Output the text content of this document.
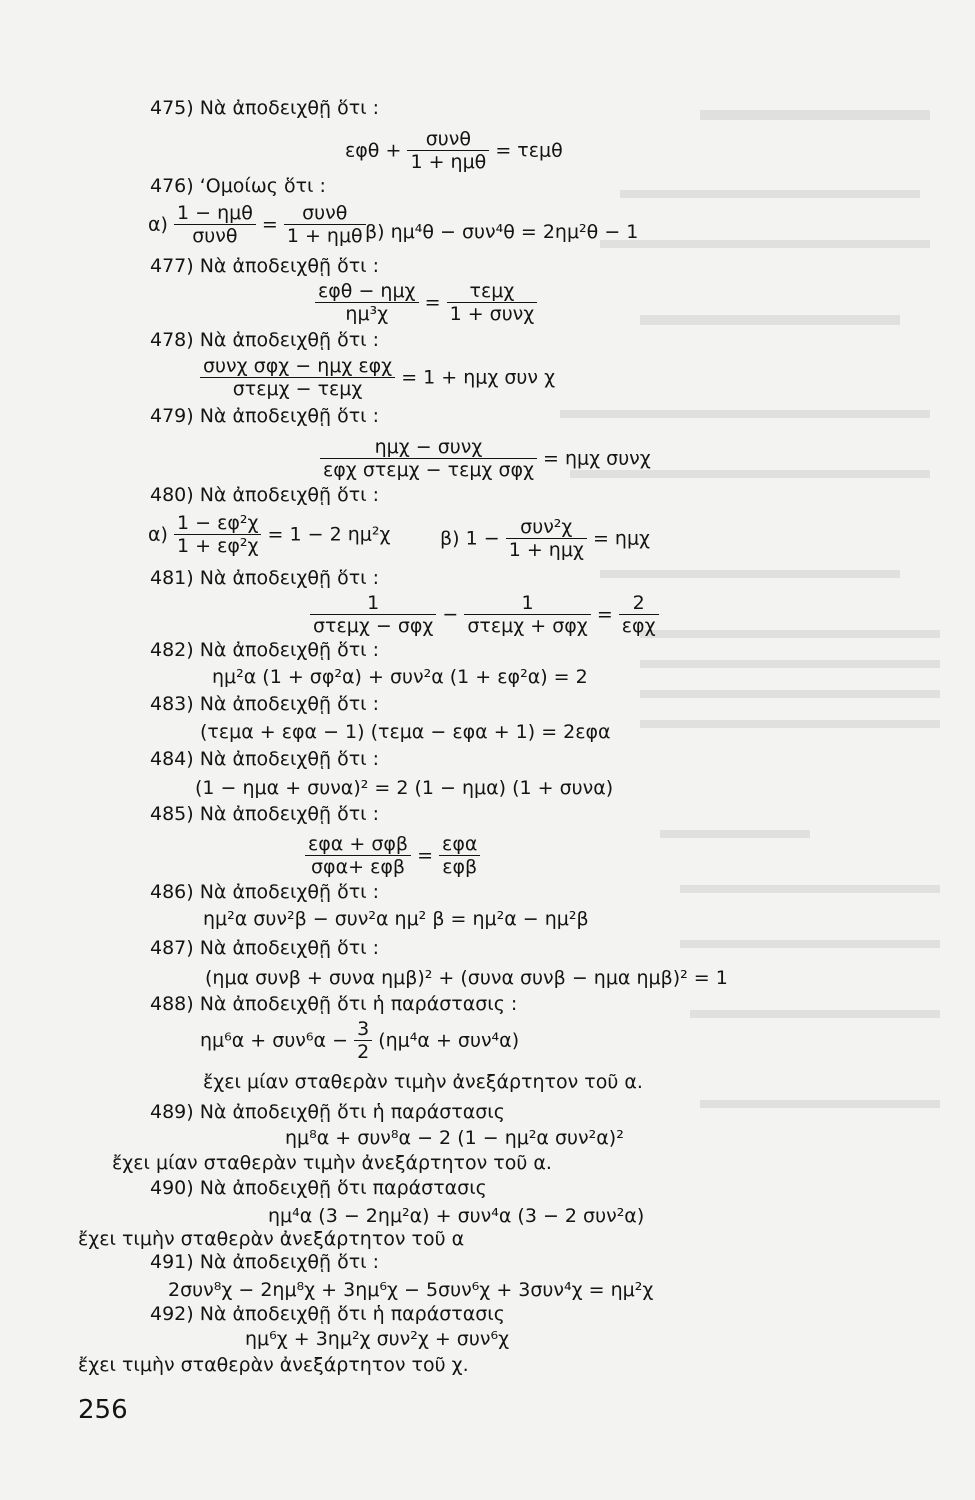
475) Νὰ ἀποδειχθῇ ὅτι :
$\varepsilon\varphi\theta + \frac{\text{συνθ}}{\text{1 + ημθ}} = \tau\varepsilon\mu\theta$
476) ‘Ομοίως ὅτι :
$\alpha) \frac{\text{1 − ημθ}}{\text{συνθ}} = \frac{\text{συνθ}}{\text{1 + ημθ}} \beta$) ημ⁴θ − συν⁴θ = 2ημ²θ − 1
477) Νὰ ἀποδειχθῇ ὅτι :
$\frac{\text{εφθ − ημχ}}{\text{ημ³χ}} = \frac{\text{τεμχ}}{\text{1 + συνχ}}$
478) Νὰ ἀποδειχθῇ ὅτι :
$\frac{\text{συνχ σφχ − ημχ εφχ}}{\text{στεμχ − τεμχ}} = 1 + \eta\mu\chi$ συν χ
479) Νὰ ἀποδειχθῇ ὅτι :
$\frac{\text{ημχ − συνχ}}{\text{εφχ στεμχ − τεμχ σφχ}} = \eta\mu\chi$ συνχ
480) Νὰ ἀποδειχθῇ ὅτι :
$\alpha) \frac{\text{1 − εφ²χ}}{\text{1 + εφ²χ}} = 1 - 2$ ημ²χ	β) $1 - \frac{\text{συν²χ}}{\text{1 + ημχ}} = \eta\mu\chi$
481) Νὰ ἀποδειχθῇ ὅτι :
$\frac{1}{\text{στεμχ − σφχ}} - \frac{1}{\text{στεμχ + σφχ}} = \frac{2}{\text{εφχ}}$
482) Νὰ ἀποδειχθῇ ὅτι :
ημ²α (1 + σφ²α) + συν²α (1 + εφ²α) = 2
483) Νὰ ἀποδειχθῇ ὅτι :
(τεμα + εφα − 1) (τεμα − εφα + 1) = 2εφα
484) Νὰ ἀποδειχθῇ ὅτι :
(1 − ημα + συνα)² = 2 (1 − ημα) (1 + συνα)
485) Νὰ ἀποδειχθῇ ὅτι :
$\frac{\text{εφα + σφβ}}{\text{σφα+ εφβ}} = \frac{\text{εφα}}{\text{εφβ}}$
486) Νὰ ἀποδειχθῇ ὅτι :
ημ²α συν²β − συν²α ημ² β = ημ²α − ημ²β
487) Νὰ ἀποδειχθῇ ὅτι :
(ημα συνβ + συνα ημβ)² + (συνα συνβ − ημα ημβ)² = 1
488) Νὰ ἀποδειχθῇ ὅτι ἡ παράστασις :
$\eta\mu^6\alpha + \sigma\upsilon\nu^6\alpha - \frac{3}{2} (\eta\mu^4\alpha + \sigma\upsilon\nu^4\alpha)$
ἔχει μίαν σταθερὰν τιμὴν ἀνεξάρτητον τοῦ α.
489) Νὰ ἀποδειχθῇ ὅτι ἡ παράστασις
ημ⁸α + συν⁸α − 2 (1 − ημ²α συν²α)²
ἔχει μίαν σταθερὰν τιμὴν ἀνεξάρτητον τοῦ α.
490) Νὰ ἀποδειχθῇ ὅτι παράστασις
ημ⁴α (3 − 2ημ²α) + συν⁴α (3 − 2 συν²α)
ἔχει τιμὴν σταθερὰν ἀνεξάρτητον τοῦ α
491) Νὰ ἀποδειχθῇ ὅτι :
2συν⁸χ − 2ημ⁸χ + 3ημ⁶χ − 5συν⁶χ + 3συν⁴χ = ημ²χ
492) Νὰ ἀποδειχθῇ ὅτι ἡ παράστασις
ημ⁶χ + 3ημ²χ συν²χ + συν⁶χ
ἔχει τιμὴν σταθερὰν ἀνεξάρτητον τοῦ χ.
256
